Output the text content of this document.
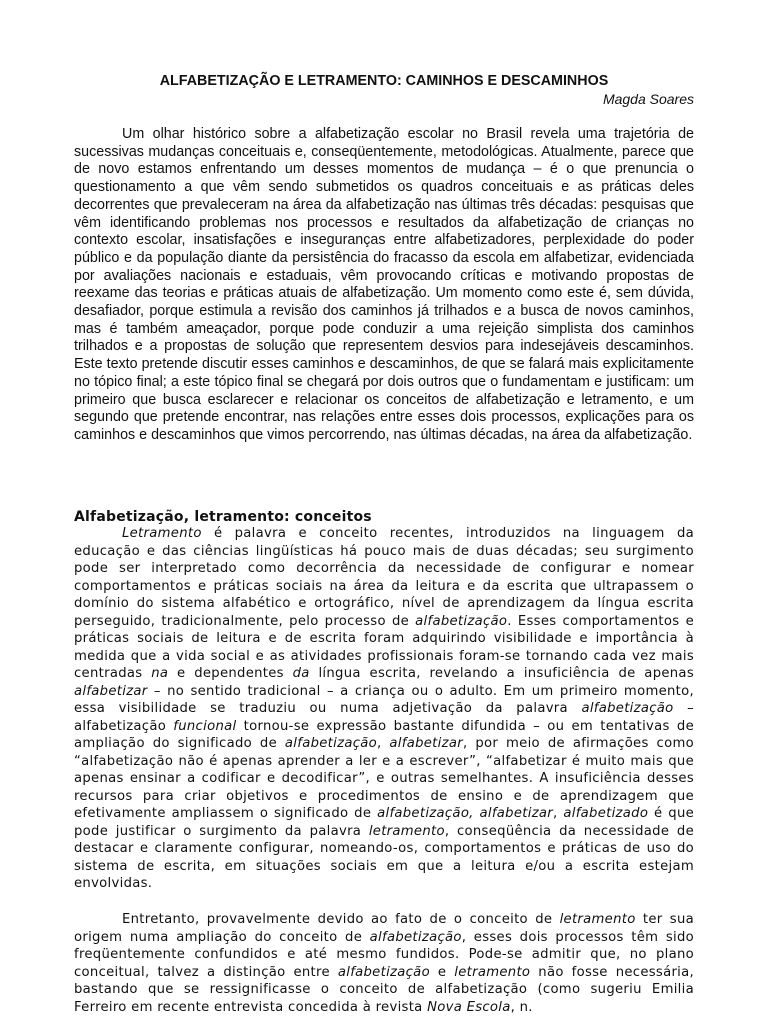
ALFABETIZAÇÃO E LETRAMENTO: CAMINHOS E DESCAMINHOS
Magda Soares

Um olhar histórico sobre a alfabetização escolar no Brasil revela uma trajetória de sucessivas mudanças conceituais e, conseqüentemente, metodológicas. Atualmente, parece que de novo estamos enfrentando um desses momentos de mudança – é o que prenuncia o questionamento a que vêm sendo submetidos os quadros conceituais e as práticas deles decorrentes que prevaleceram na área da alfabetização nas últimas três décadas: pesquisas que vêm identificando problemas nos processos e resultados da alfabetização de crianças no contexto escolar, insatisfações e inseguranças entre alfabetizadores, perplexidade do poder público e da população diante da persistência do fracasso da escola em alfabetizar, evidenciada por avaliações nacionais e estaduais, vêm provocando críticas e motivando propostas de reexame das teorias e práticas atuais de alfabetização. Um momento como este é, sem dúvida, desafiador, porque estimula a revisão dos caminhos já trilhados e a busca de novos caminhos, mas é também ameaçador, porque pode conduzir a uma rejeição simplista dos caminhos trilhados e a propostas de solução que representem desvios para indesejáveis descaminhos. Este texto pretende discutir esses caminhos e descaminhos, de que se falará mais explicitamente no tópico final; a este tópico final se chegará por dois outros que o fundamentam e justificam: um primeiro que busca esclarecer e relacionar os conceitos de alfabetização e letramento, e um segundo que pretende encontrar, nas relações entre esses dois processos, explicações para os caminhos e descaminhos que vimos percorrendo, nas últimas décadas, na área da alfabetização.

Alfabetização, letramento: conceitos

Letramento é palavra e conceito recentes, introduzidos na linguagem da educação e das ciências lingüísticas há pouco mais de duas décadas; seu surgimento pode ser interpretado como decorrência da necessidade de configurar e nomear comportamentos e práticas sociais na área da leitura e da escrita que ultrapassem o domínio do sistema alfabético e ortográfico, nível de aprendizagem da língua escrita perseguido, tradicionalmente, pelo processo de alfabetização. Esses comportamentos e práticas sociais de leitura e de escrita foram adquirindo visibilidade e importância à medida que a vida social e as atividades profissionais foram-se tornando cada vez mais centradas na e dependentes da língua escrita, revelando a insuficiência de apenas alfabetizar – no sentido tradicional – a criança ou o adulto. Em um primeiro momento, essa visibilidade se traduziu ou numa adjetivação da palavra alfabetização – alfabetização funcional tornou-se expressão bastante difundida – ou em tentativas de ampliação do significado de alfabetização, alfabetizar, por meio de afirmações como “alfabetização não é apenas aprender a ler e a escrever”, “alfabetizar é muito mais que apenas ensinar a codificar e decodificar”, e outras semelhantes. A insuficiência desses recursos para criar objetivos e procedimentos de ensino e de aprendizagem que efetivamente ampliassem o significado de alfabetização, alfabetizar, alfabetizado é que pode justificar o surgimento da palavra letramento, conseqüência da necessidade de destacar e claramente configurar, nomeando-os, comportamentos e práticas de uso do sistema de escrita, em situações sociais em que a leitura e/ou a escrita estejam envolvidas.

Entretanto, provavelmente devido ao fato de o conceito de letramento ter sua origem numa ampliação do conceito de alfabetização, esses dois processos têm sido freqüentemente confundidos e até mesmo fundidos. Pode-se admitir que, no plano conceitual, talvez a distinção entre alfabetização e letramento não fosse necessária, bastando que se ressignificasse o conceito de alfabetização (como sugeriu Emilia Ferreiro em recente entrevista concedida à revista Nova Escola, n.
